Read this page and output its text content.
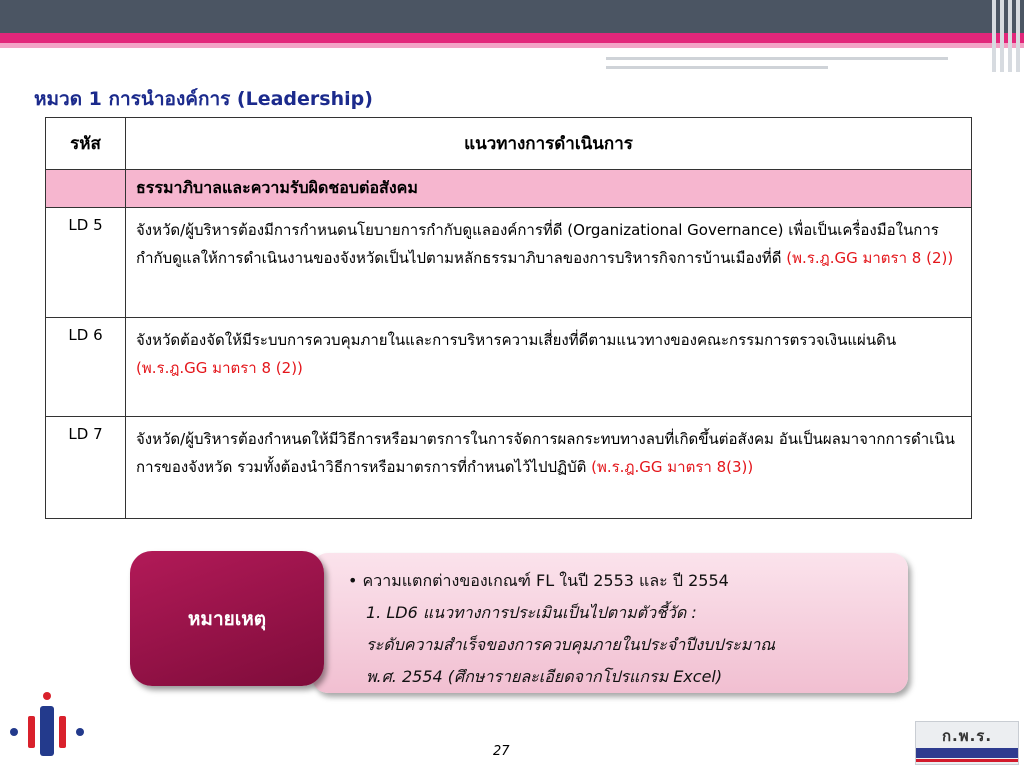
หมวด 1 การนำองค์การ (Leadership)
รหัส	แนวทางการดำเนินการ
	ธรรมาภิบาลและความรับผิดชอบต่อสังคม
LD 5	จังหวัด/ผู้บริหารต้องมีการกำหนดนโยบายการกำกับดูแลองค์การที่ดี (Organizational Governance) เพื่อเป็นเครื่องมือในการกำกับดูแลให้การดำเนินงานของจังหวัดเป็นไปตามหลักธรรมาภิบาลของการบริหารกิจการบ้านเมืองที่ดี (พ.ร.ฎ.GG มาตรา 8 (2))
LD 6	จังหวัดต้องจัดให้มีระบบการควบคุมภายในและการบริหารความเสี่ยงที่ดีตามแนวทางของคณะกรรมการตรวจเงินแผ่นดิน (พ.ร.ฎ.GG มาตรา 8 (2))
LD 7	จังหวัด/ผู้บริหารต้องกำหนดให้มีวิธีการหรือมาตรการในการจัดการผลกระทบทางลบที่เกิดขึ้นต่อสังคม อันเป็นผลมาจากการดำเนินการของจังหวัด รวมทั้งต้องนำวิธีการหรือมาตรการที่กำหนดไว้ไปปฏิบัติ (พ.ร.ฎ.GG มาตรา 8(3))
หมายเหตุ
• ความแตกต่างของเกณฑ์ FL ในปี 2553 และ ปี 2554
1. LD6 แนวทางการประเมินเป็นไปตามตัวชี้วัด :
ระดับความสำเร็จของการควบคุมภายในประจำปีงบประมาณ
พ.ศ. 2554 (ศึกษารายละเอียดจากโปรแกรม Excel)
27
ก.พ.ร.
